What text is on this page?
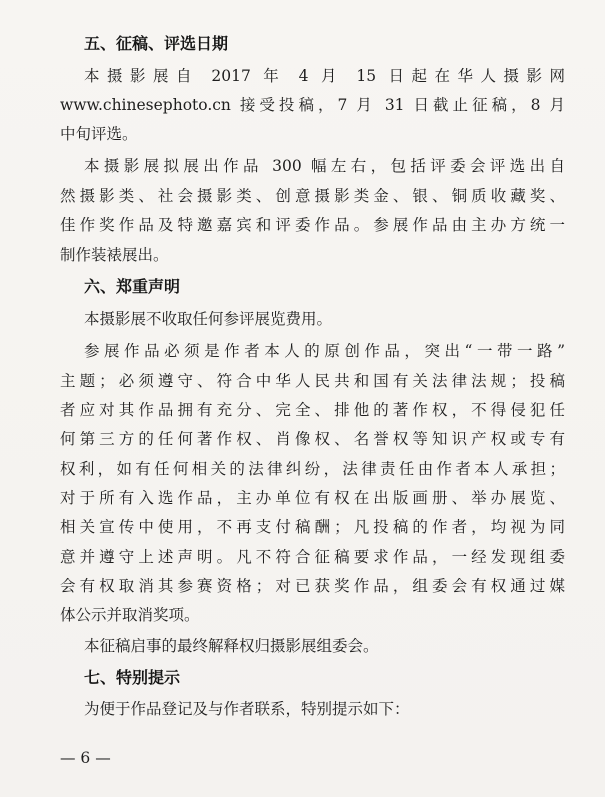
五、征稿、评选日期
本摄影展自 2017 年 4 月 15 日起在华人摄影网
www.chinesephoto.cn 接受投稿，7 月 31 日截止征稿，8 月
中旬评选。
本摄影展拟展出作品 300 幅左右，包括评委会评选出自
然摄影类、社会摄影类、创意摄影类金、银、铜质收藏奖、
佳作奖作品及特邀嘉宾和评委作品。参展作品由主办方统一
制作装裱展出。
六、郑重声明
本摄影展不收取任何参评展览费用。
参展作品必须是作者本人的原创作品，突出“一带一路”
主题；必须遵守、符合中华人民共和国有关法律法规；投稿
者应对其作品拥有充分、完全、排他的著作权，不得侵犯任
何第三方的任何著作权、肖像权、名誉权等知识产权或专有
权利，如有任何相关的法律纠纷，法律责任由作者本人承担；
对于所有入选作品，主办单位有权在出版画册、举办展览、
相关宣传中使用，不再支付稿酬；凡投稿的作者，均视为同
意并遵守上述声明。凡不符合征稿要求作品，一经发现组委
会有权取消其参赛资格；对已获奖作品，组委会有权通过媒
体公示并取消奖项。
本征稿启事的最终解释权归摄影展组委会。
七、特别提示
为便于作品登记及与作者联系，特别提示如下：
— 6 —
